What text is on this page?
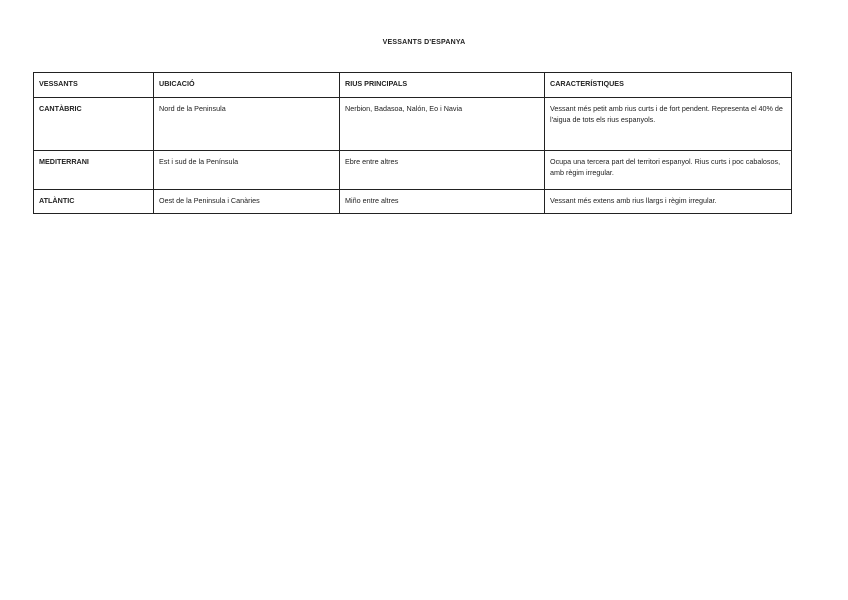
VESSANTS D'ESPANYA
VESSANTS	UBICACIÓ	RIUS PRINCIPALS	CARACTERÍSTIQUES
CANTÀBRIC	Nord de la Peninsula	Nerbion, Badasoa, Nalón, Eo i Navia	Vessant més petit amb rius curts i de fort pendent. Representa el 40% de l'aigua de tots els rius espanyols.
MEDITERRANI	Est i sud de la Península	Ebre entre altres	Ocupa una tercera part del territori espanyol. Rius curts i poc cabalosos, amb règim irregular.
ATLÀNTIC	Oest de la Peninsula i Canàries	Miño entre altres	Vessant més extens amb rius llargs i règim irregular.
